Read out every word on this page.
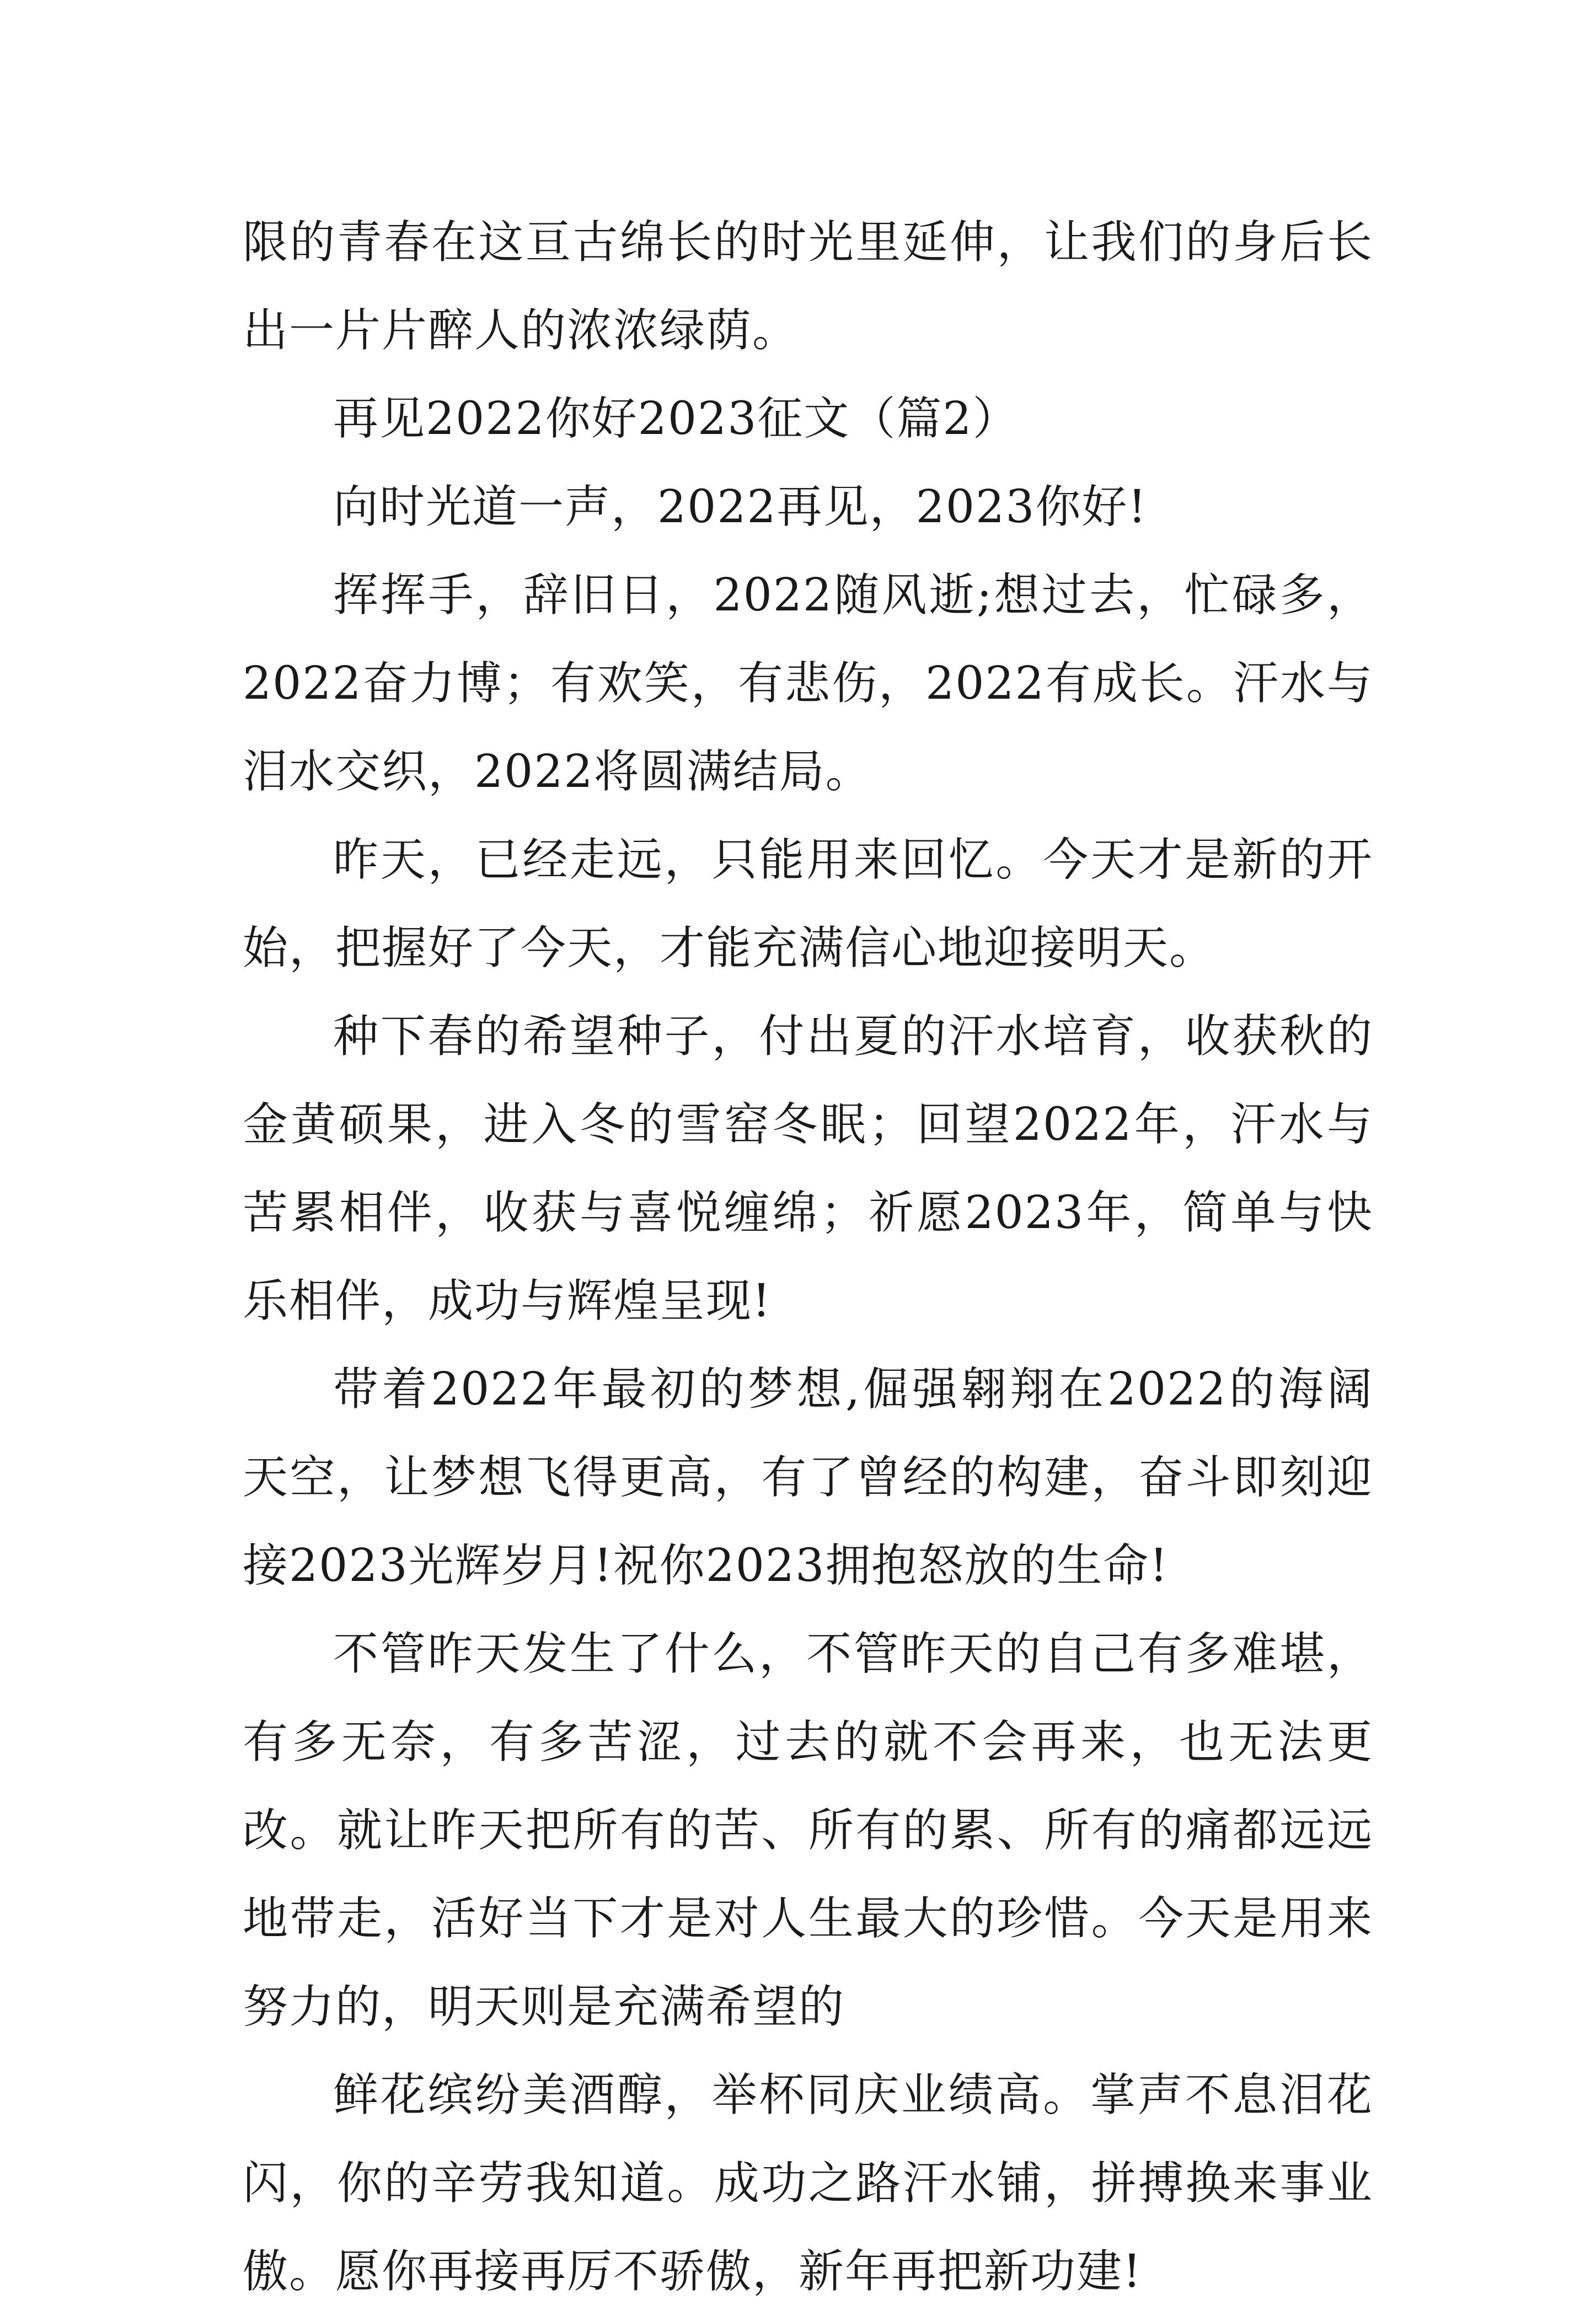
限的青春在这亘古绵长的时光里延伸，让我们的身后长出一片片醉人的浓浓绿荫。

再见2022你好2023征文（篇2）

向时光道一声，2022再见，2023你好!

挥挥手，辞旧日，2022随风逝;想过去，忙碌多，2022奋力博；有欢笑，有悲伤，2022有成长。汗水与泪水交织，2022将圆满结局。

昨天，已经走远，只能用来回忆。今天才是新的开始，把握好了今天，才能充满信心地迎接明天。

种下春的希望种子，付出夏的汗水培育，收获秋的金黄硕果，进入冬的雪窑冬眠；回望2022年，汗水与苦累相伴，收获与喜悦缠绵；祈愿2023年，简单与快乐相伴，成功与辉煌呈现!

带着2022年最初的梦想,倔强翱翔在2022的海阔天空，让梦想飞得更高，有了曾经的构建，奋斗即刻迎接2023光辉岁月!祝你2023拥抱怒放的生命!

不管昨天发生了什么，不管昨天的自己有多难堪，有多无奈，有多苦涩，过去的就不会再来，也无法更改。就让昨天把所有的苦、所有的累、所有的痛都远远地带走，活好当下才是对人生最大的珍惜。今天是用来努力的，明天则是充满希望的

鲜花缤纷美酒醇，举杯同庆业绩高。掌声不息泪花闪，你的辛劳我知道。成功之路汗水铺，拼搏换来事业傲。愿你再接再厉不骄傲，新年再把新功建!
